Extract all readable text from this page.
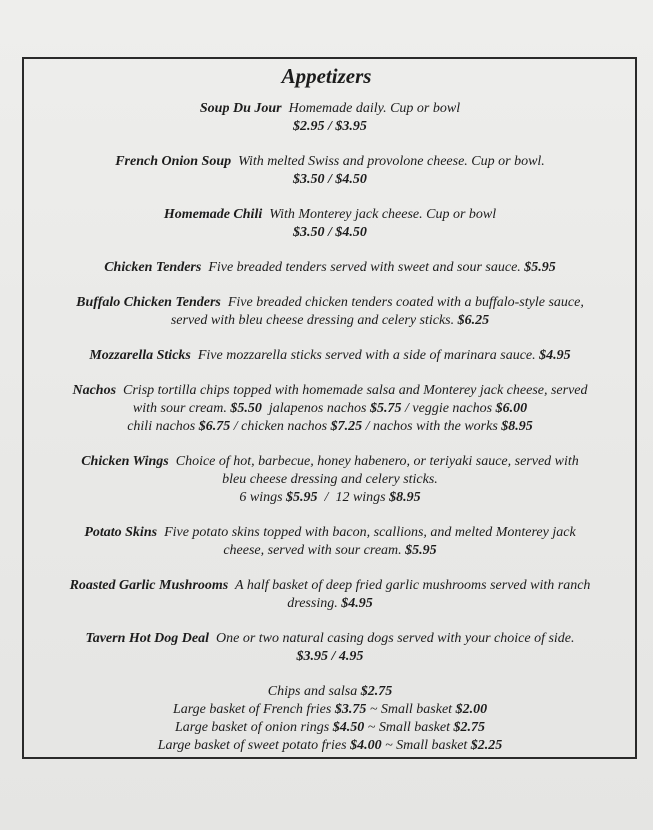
Appetizers
Soup Du Jour Homemade daily. Cup or bowl
$2.95 / $3.95
French Onion Soup With melted Swiss and provolone cheese. Cup or bowl.
$3.50 / $4.50
Homemade Chili With Monterey jack cheese. Cup or bowl
$3.50 / $4.50
Chicken Tenders Five breaded tenders served with sweet and sour sauce. $5.95
Buffalo Chicken Tenders Five breaded chicken tenders coated with a buffalo-style sauce,
served with bleu cheese dressing and celery sticks. $6.25
Mozzarella Sticks Five mozzarella sticks served with a side of marinara sauce. $4.95
Nachos Crisp tortilla chips topped with homemade salsa and Monterey jack cheese, served
with sour cream. $5.50 jalapenos nachos $5.75 / veggie nachos $6.00
chili nachos $6.75 / chicken nachos $7.25 / nachos with the works $8.95
Chicken Wings Choice of hot, barbecue, honey habenero, or teriyaki sauce, served with
bleu cheese dressing and celery sticks.
6 wings $5.95  /  12 wings $8.95
Potato Skins Five potato skins topped with bacon, scallions, and melted Monterey jack
cheese, served with sour cream. $5.95
Roasted Garlic Mushrooms A half basket of deep fried garlic mushrooms served with ranch
dressing. $4.95
Tavern Hot Dog Deal One or two natural casing dogs served with your choice of side.
$3.95 / 4.95
Chips and salsa $2.75
Large basket of French fries $3.75 ~ Small basket $2.00
Large basket of onion rings $4.50 ~ Small basket $2.75
Large basket of sweet potato fries $4.00 ~ Small basket $2.25
